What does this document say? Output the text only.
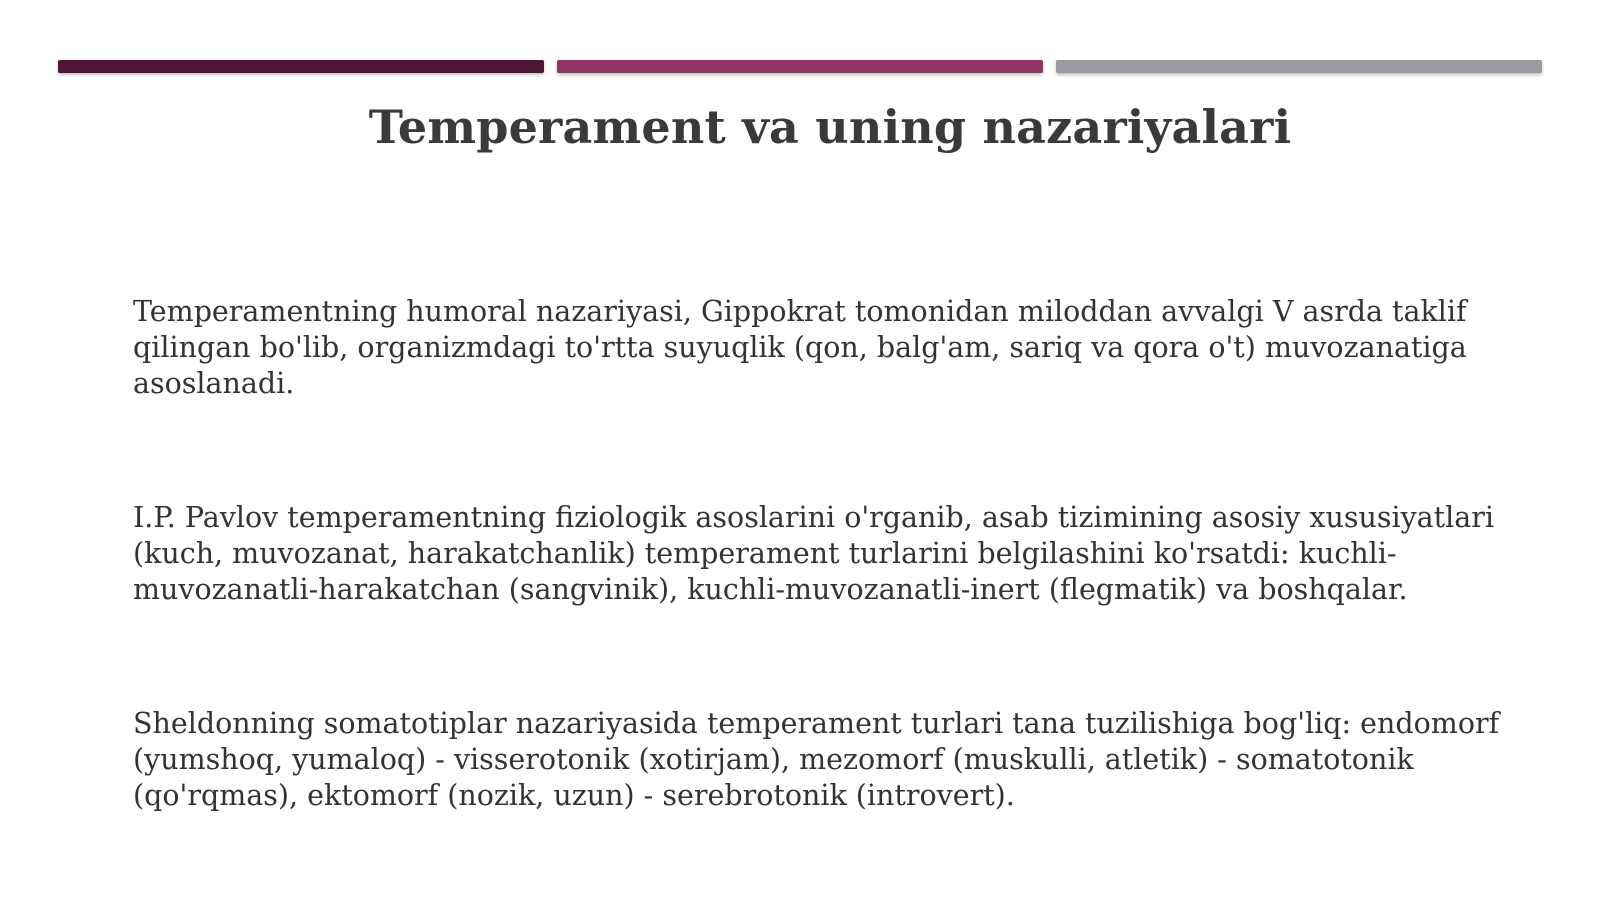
Temperament va uning nazariyalari

Temperamentning humoral nazariyasi, Gippokrat tomonidan miloddan avvalgi V asrda taklif qilingan bo'lib, organizmdagi to'rtta suyuqlik (qon, balg'am, sariq va qora o't) muvozanatiga asoslanadi.

I.P. Pavlov temperamentning fiziologik asoslarini o'rganib, asab tizimining asosiy xususiyatlari (kuch, muvozanat, harakatchanlik) temperament turlarini belgilashini ko'rsatdi: kuchli-muvozanatli-harakatchan (sangvinik), kuchli-muvozanatli-inert (flegmatik) va boshqalar.

Sheldonning somatotiplar nazariyasida temperament turlari tana tuzilishiga bog'liq: endomorf (yumshoq, yumaloq) - visserotonik (xotirjam), mezomorf (muskulli, atletik) - somatotonik (qo'rqmas), ektomorf (nozik, uzun) - serebrotonik (introvert).
